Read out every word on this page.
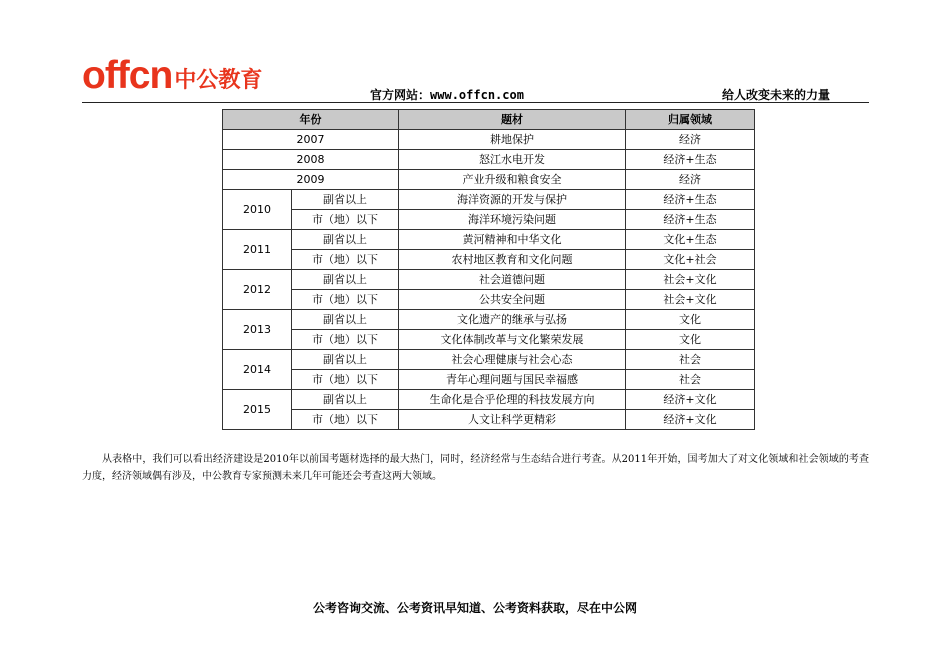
offcn 中公教育
官方网站：www.offcn.com	给人改变未来的力量
年份		题材	归属领域
2007		耕地保护	经济
2008		怒江水电开发	经济+生态
2009		产业升级和粮食安全	经济
2010	副省以上	海洋资源的开发与保护	经济+生态
	市（地）以下	海洋环境污染问题	经济+生态
2011	副省以上	黄河精神和中华文化	文化+生态
	市（地）以下	农村地区教育和文化问题	文化+社会
2012	副省以上	社会道德问题	社会+文化
	市（地）以下	公共安全问题	社会+文化
2013	副省以上	文化遗产的继承与弘扬	文化
	市（地）以下	文化体制改革与文化繁荣发展	文化
2014	副省以上	社会心理健康与社会心态	社会
	市（地）以下	青年心理问题与国民幸福感	社会
2015	副省以上	生命化是合乎伦理的科技发展方向	经济+文化
	市（地）以下	人文让科学更精彩	经济+文化

从表格中，我们可以看出经济建设是2010年以前国考题材选择的最大热门，同时，经济经常与生态结合进行考查。从2011年开始，国考加大了对文化领域和社会领域的考查力度，经济领域偶有涉及，中公教育专家预测未来几年可能还会考查这两大领域。

公考咨询交流、公考资讯早知道、公考资料获取，尽在中公网
